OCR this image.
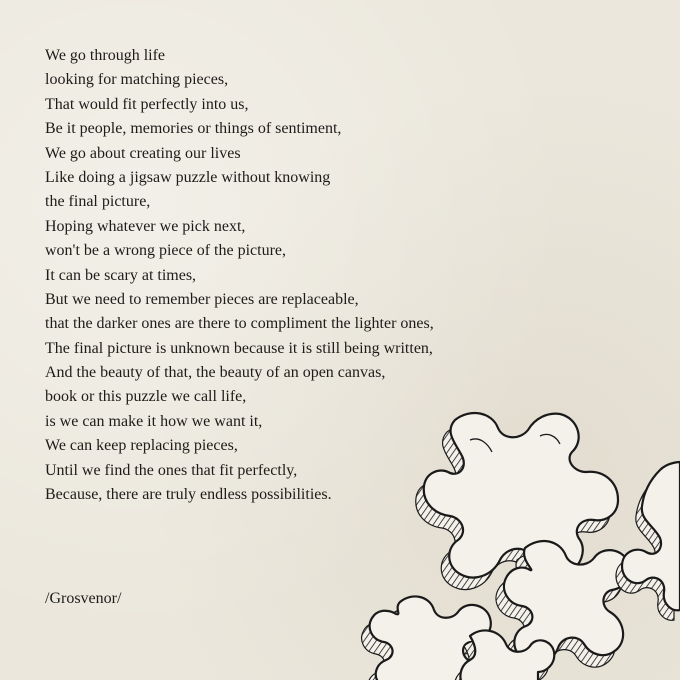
We go through life
looking for matching pieces,
That would fit perfectly into us,
Be it people, memories or things of sentiment,
We go about creating our lives
Like doing a jigsaw puzzle without knowing
the final picture,
Hoping whatever we pick next,
won't be a wrong piece of the picture,
It can be scary at times,
But we need to remember pieces are replaceable,
that the darker ones are there to compliment the lighter ones,
The final picture is unknown because it is still being written,
And the beauty of that, the beauty of an open canvas,
book or this puzzle we call life,
is we can make it how we want it,
We can keep replacing pieces,
Until we find the ones that fit perfectly,
Because, there are truly endless possibilities.
/Grosvenor/
